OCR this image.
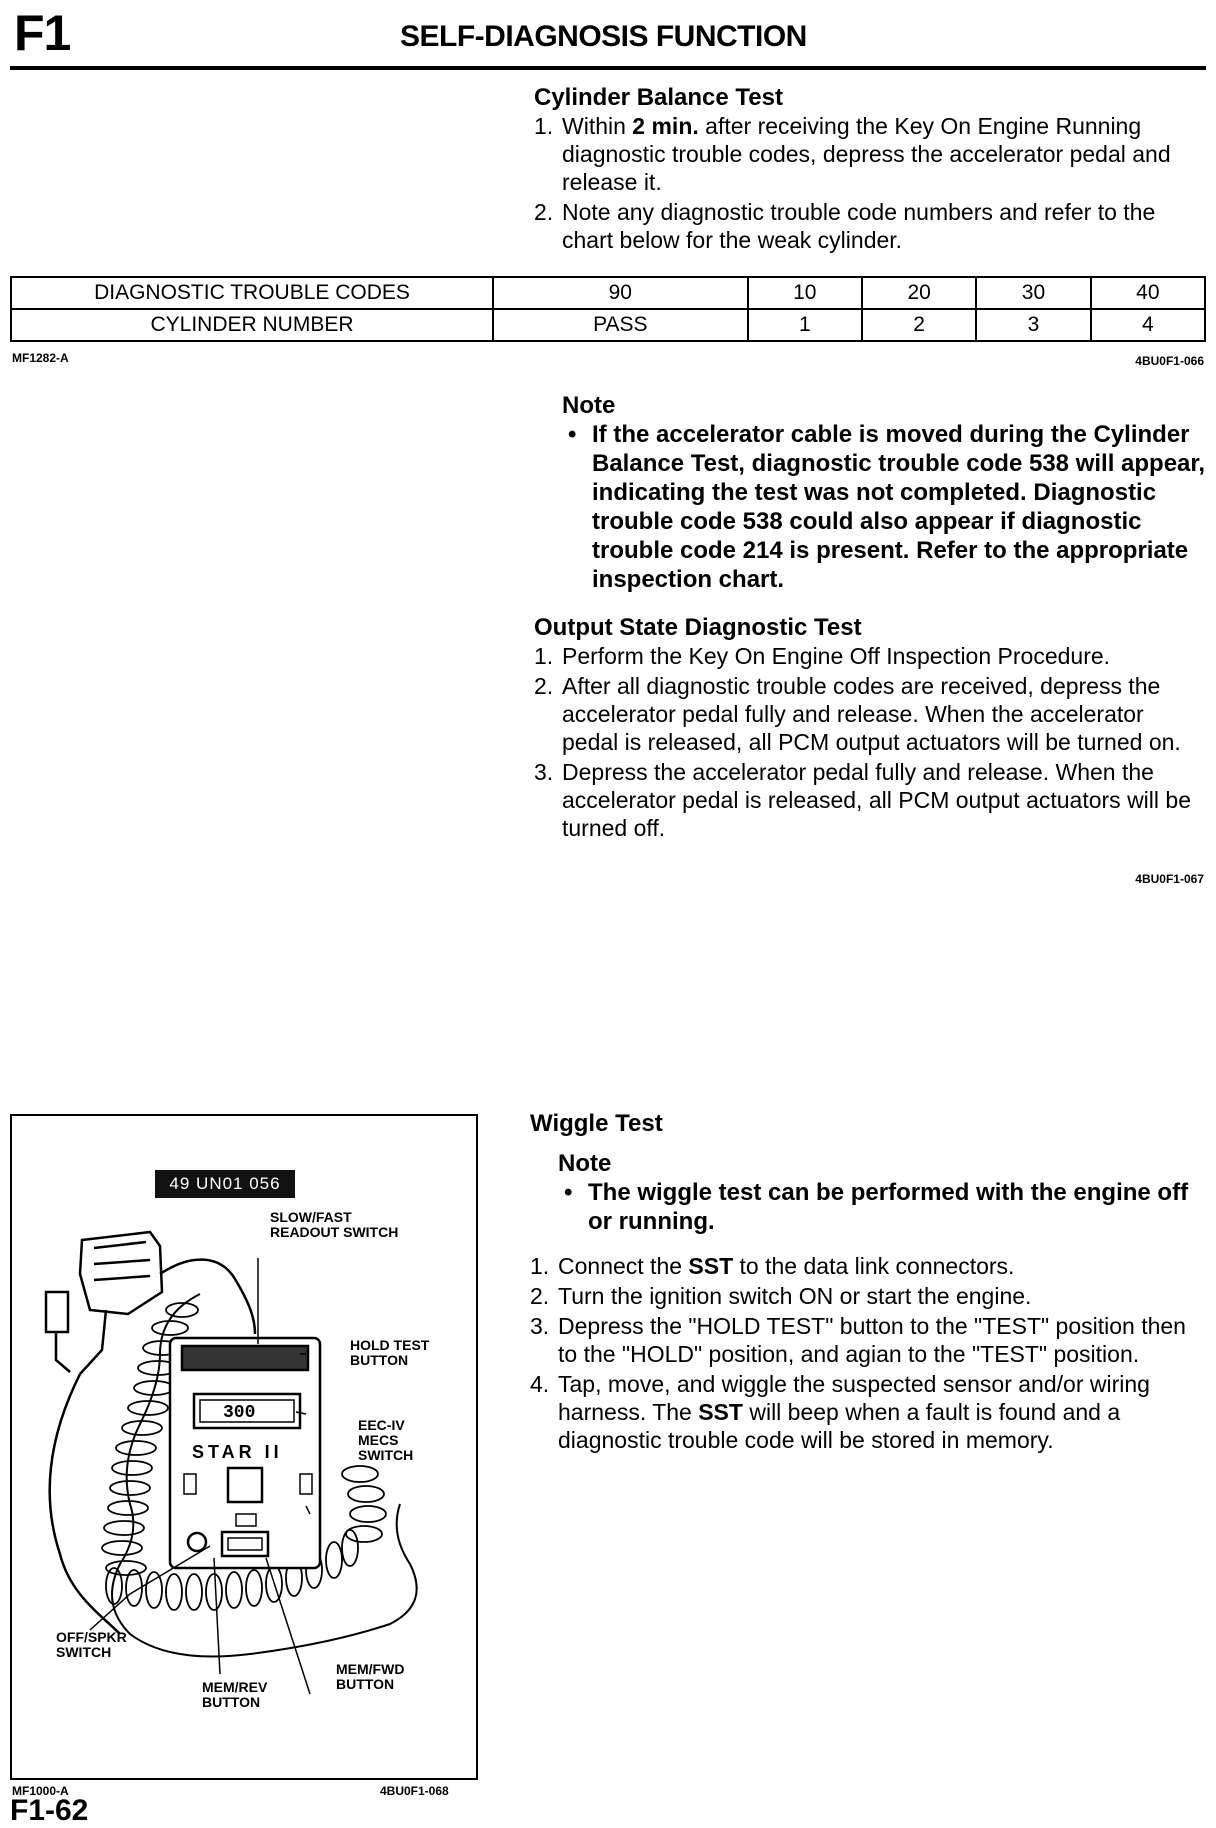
F1	SELF-DIAGNOSIS FUNCTION
Cylinder Balance Test
1. Within 2 min. after receiving the Key On Engine Running diagnostic trouble codes, depress the accelerator pedal and release it.
2. Note any diagnostic trouble code numbers and refer to the chart below for the weak cylinder.
DIAGNOSTIC TROUBLE CODES	90	10	20	30	40
CYLINDER NUMBER	PASS	1	2	3	4
MF1282-A	4BU0F1-066
Note
• If the accelerator cable is moved during the Cylinder Balance Test, diagnostic trouble code 538 will appear, indicating the test was not completed. Diagnostic trouble code 538 could also appear if diagnostic trouble code 214 is present. Refer to the appropriate inspection chart.
Output State Diagnostic Test
1. Perform the Key On Engine Off Inspection Procedure.
2. After all diagnostic trouble codes are received, depress the accelerator pedal fully and release. When the accelerator pedal is released, all PCM output actuators will be turned on.
3. Depress the accelerator pedal fully and release. When the accelerator pedal is released, all PCM output actuators will be turned off.
4BU0F1-067
49 UN01 056
300
STAR II
SLOW/FAST
READOUT SWITCH
HOLD TEST
BUTTON
EEC-IV
MECS
SWITCH
OFF/SPKR
SWITCH
MEM/REV
BUTTON
MEM/FWD
BUTTON
MF1000-A	4BU0F1-068
Wiggle Test
Note
• The wiggle test can be performed with the engine off or running.
1. Connect the SST to the data link connectors.
2. Turn the ignition switch ON or start the engine.
3. Depress the "HOLD TEST" button to the "TEST" position then to the "HOLD" position, and agian to the "TEST" position.
4. Tap, move, and wiggle the suspected sensor and/or wiring harness. The SST will beep when a fault is found and a diagnostic trouble code will be stored in memory.
F1-62
